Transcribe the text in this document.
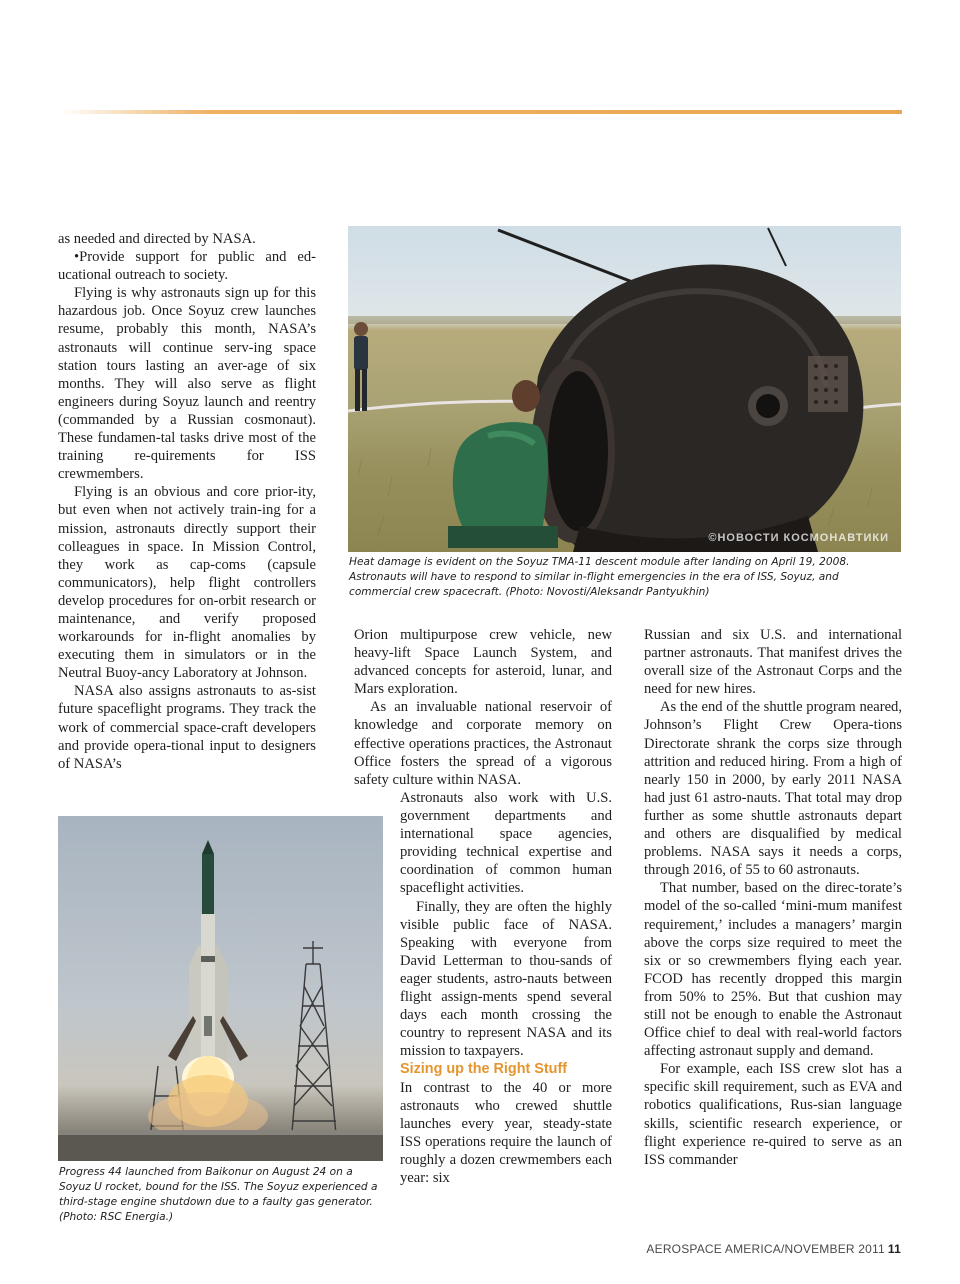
as needed and directed by NASA.

•Provide support for public and ed-ucational outreach to society.

Flying is why astronauts sign up for this hazardous job. Once Soyuz crew launches resume, probably this month, NASA’s astronauts will continue serv-ing space station tours lasting an aver-age of six months. They will also serve as flight engineers during Soyuz launch and reentry (commanded by a Russian cosmonaut). These fundamen-tal tasks drive most of the training re-quirements for ISS crewmembers.

Flying is an obvious and core prior-ity, but even when not actively train-ing for a mission, astronauts directly support their colleagues in space. In Mission Control, they work as cap-coms (capsule communicators), help flight controllers develop procedures for on-orbit research or maintenance, and verify proposed workarounds for in-flight anomalies by executing them in simulators or in the Neutral Buoy-ancy Laboratory at Johnson.

NASA also assigns astronauts to as-sist future spaceflight programs. They track the work of commercial space-craft developers and provide opera-tional input to designers of NASA’s

©НОВОСТИ КОСМОНАВТИКИ
Heat damage is evident on the Soyuz TMA-11 descent module after landing on April 19, 2008. Astronauts will have to respond to similar in-flight emergencies in the era of ISS, Soyuz, and commercial crew spacecraft. (Photo: Novosti/Aleksandr Pantyukhin)

Orion multipurpose crew vehicle, new heavy-lift Space Launch System, and advanced concepts for asteroid, lunar, and Mars exploration.

As an invaluable national reservoir of knowledge and corporate memory on effective operations practices, the Astronaut Office fosters the spread of a vigorous safety culture within NASA.

Astronauts also work with U.S. government departments and international space agencies, providing technical expertise and coordination of common human spaceflight activities.

Finally, they are often the highly visible public face of NASA. Speaking with everyone from David Letterman to thou-sands of eager students, astro-nauts between flight assign-ments spend several days each month crossing the country to represent NASA and its mission to taxpayers.

Sizing up the Right Stuff

In contrast to the 40 or more astronauts who crewed shuttle launches every year, steady-state ISS operations require the launch of roughly a dozen crewmembers each year: six

Russian and six U.S. and international partner astronauts. That manifest drives the overall size of the Astronaut Corps and the need for new hires.

As the end of the shuttle program neared, Johnson’s Flight Crew Opera-tions Directorate shrank the corps size through attrition and reduced hiring. From a high of nearly 150 in 2000, by early 2011 NASA had just 61 astro-nauts. That total may drop further as some shuttle astronauts depart and others are disqualified by medical problems. NASA says it needs a corps, through 2016, of 55 to 60 astronauts.

That number, based on the direc-torate’s model of the so-called ‘mini-mum manifest requirement,’ includes a managers’ margin above the corps size required to meet the six or so crewmembers flying each year. FCOD has recently dropped this margin from 50% to 25%. But that cushion may still not be enough to enable the Astronaut Office chief to deal with real-world factors affecting astronaut supply and demand.

For example, each ISS crew slot has a specific skill requirement, such as EVA and robotics qualifications, Rus-sian language skills, scientific research experience, or flight experience re-quired to serve as an ISS commander

Progress 44 launched from Baikonur on August 24 on a Soyuz U rocket, bound for the ISS. The Soyuz experienced a third-stage engine shutdown due to a faulty gas generator. (Photo: RSC Energia.)
AEROSPACE AMERICA/NOVEMBER 2011 11
